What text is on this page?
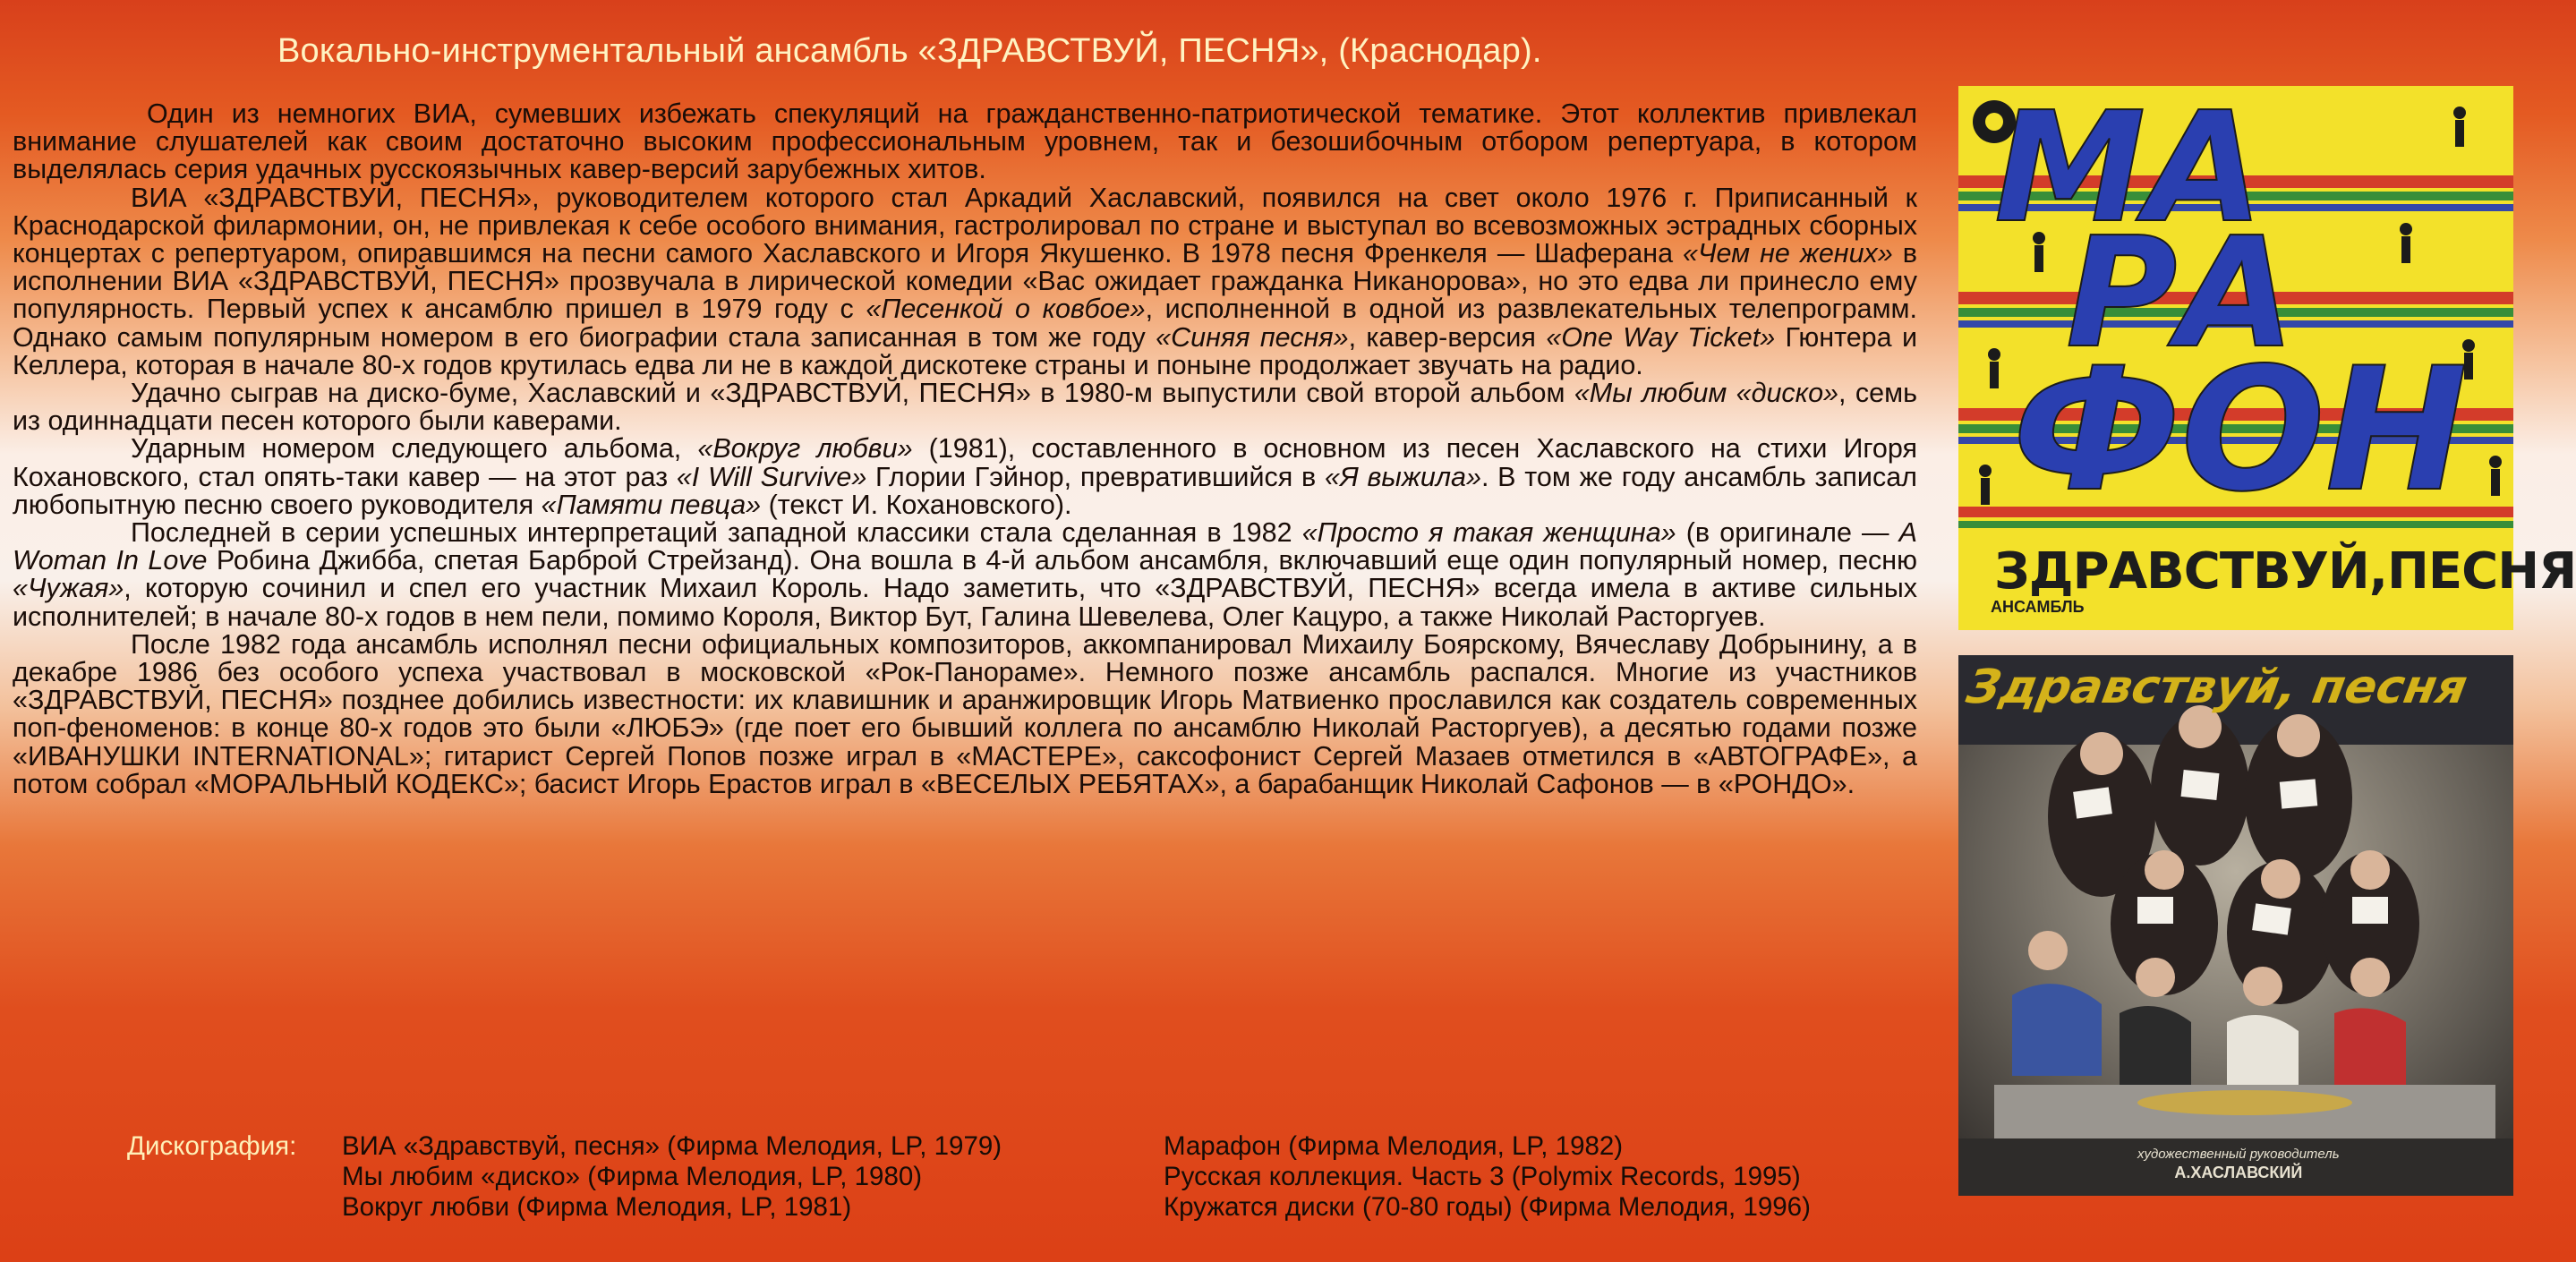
Вокально-инструментальный ансамбль «ЗДРАВСТВУЙ, ПЕСНЯ», (Краснодар).

Один из немногих ВИА, сумевших избежать спекуляций на гражданственно-патриотической тематике. Этот коллектив привлекал внимание слушателей как своим достаточно высоким профессиональным уровнем, так и безошибочным отбором репертуара, в котором выделялась серия удачных русскоязычных кавер-версий зарубежных хитов.

ВИА «ЗДРАВСТВУЙ, ПЕСНЯ», руководителем которого стал Аркадий Хаславский, появился на свет около 1976 г. Приписанный к Краснодарской филармонии, он, не привлекая к себе особого внимания, гастролировал по стране и выступал во всевозможных эстрадных сборных концертах с репертуаром, опиравшимся на песни самого Хаславского и Игоря Якушенко. В 1978 песня Френкеля — Шаферана «Чем не жених» в исполнении ВИА «ЗДРАВСТВУЙ, ПЕСНЯ» прозвучала в лирической комедии «Вас ожидает гражданка Никанорова», но это едва ли принесло ему популярность. Первый успех к ансамблю пришел в 1979 году с «Песенкой о ковбое», исполненной в одной из развлекательных телепрограмм. Однако самым популярным номером в его биографии стала записанная в том же году «Синяя песня», кавер-версия «One Way Ticket» Гюнтера и Келлера, которая в начале 80-х годов крутилась едва ли не в каждой дискотеке страны и поныне продолжает звучать на радио.

Удачно сыграв на диско-буме, Хаславский и «ЗДРАВСТВУЙ, ПЕСНЯ» в 1980-м выпустили свой второй альбом «Мы любим «диско», семь из одиннадцати песен которого были каверами.

Ударным номером следующего альбома, «Вокруг любви» (1981), составленного в основном из песен Хаславского на стихи Игоря Кохановского, стал опять-таки кавер — на этот раз «I Will Survive» Глории Гэйнор, превратившийся в «Я выжила». В том же году ансамбль записал любопытную песню своего руководителя «Памяти певца» (текст И. Кохановского).

Последней в серии успешных интерпретаций западной классики стала сделанная в 1982 «Просто я такая женщина» (в оригинале — A Woman In Love Робина Джибба, спетая Барброй Стрейзанд). Она вошла в 4-й альбом ансамбля, включавший еще один популярный номер, песню «Чужая», которую сочинил и спел его участник Михаил Король. Надо заметить, что «ЗДРАВСТВУЙ, ПЕСНЯ» всегда имела в активе сильных исполнителей; в начале 80-х годов в нем пели, помимо Короля, Виктор Бут, Галина Шевелева, Олег Кацуро, а также Николай Расторгуев.

После 1982 года ансамбль исполнял песни официальных композиторов, аккомпанировал Михаилу Боярскому, Вячеславу Добрынину, а в декабре 1986 без особого успеха участвовал в московской «Рок-Панораме». Немного позже ансамбль распался. Многие из участников «ЗДРАВСТВУЙ, ПЕСНЯ» позднее добились известности: их клавишник и аранжировщик Игорь Матвиенко прославился как создатель современных поп-феноменов: в конце 80-х годов это были «ЛЮБЭ» (где поет его бывший коллега по ансамблю Николай Расторгуев), а десятью годами позже «ИВАНУШКИ INTERNATIONAL»; гитарист Сергей Попов позже играл в «МАСТЕРЕ», саксофонист Сергей Мазаев отметился в «АВТОГРАФЕ», а потом собрал «МОРАЛЬНЫЙ КОДЕКС»; басист Игорь Ерастов играл в «ВЕСЕЛЫХ РЕБЯТАХ», а барабанщик Николай Сафонов — в «РОНДО».

Дискография: ВИА «Здравствуй, песня» (Фирма Мелодия, LP, 1979)
Мы любим «диско» (Фирма Мелодия, LP, 1980)
Вокруг любви (Фирма Мелодия, LP, 1981)
Марафон (Фирма Мелодия, LP, 1982)
Русская коллекция. Часть 3 (Polymix Records, 1995)
Кружатся диски (70-80 годы) (Фирма Мелодия, 1996)
МА
РА
ФОН
ЗДРАВСТВУЙ,ПЕСНЯ
АНСАМБЛЬ
Здравствуй, песня
художественный руководитель
А.ХАСЛАВСКИЙ
